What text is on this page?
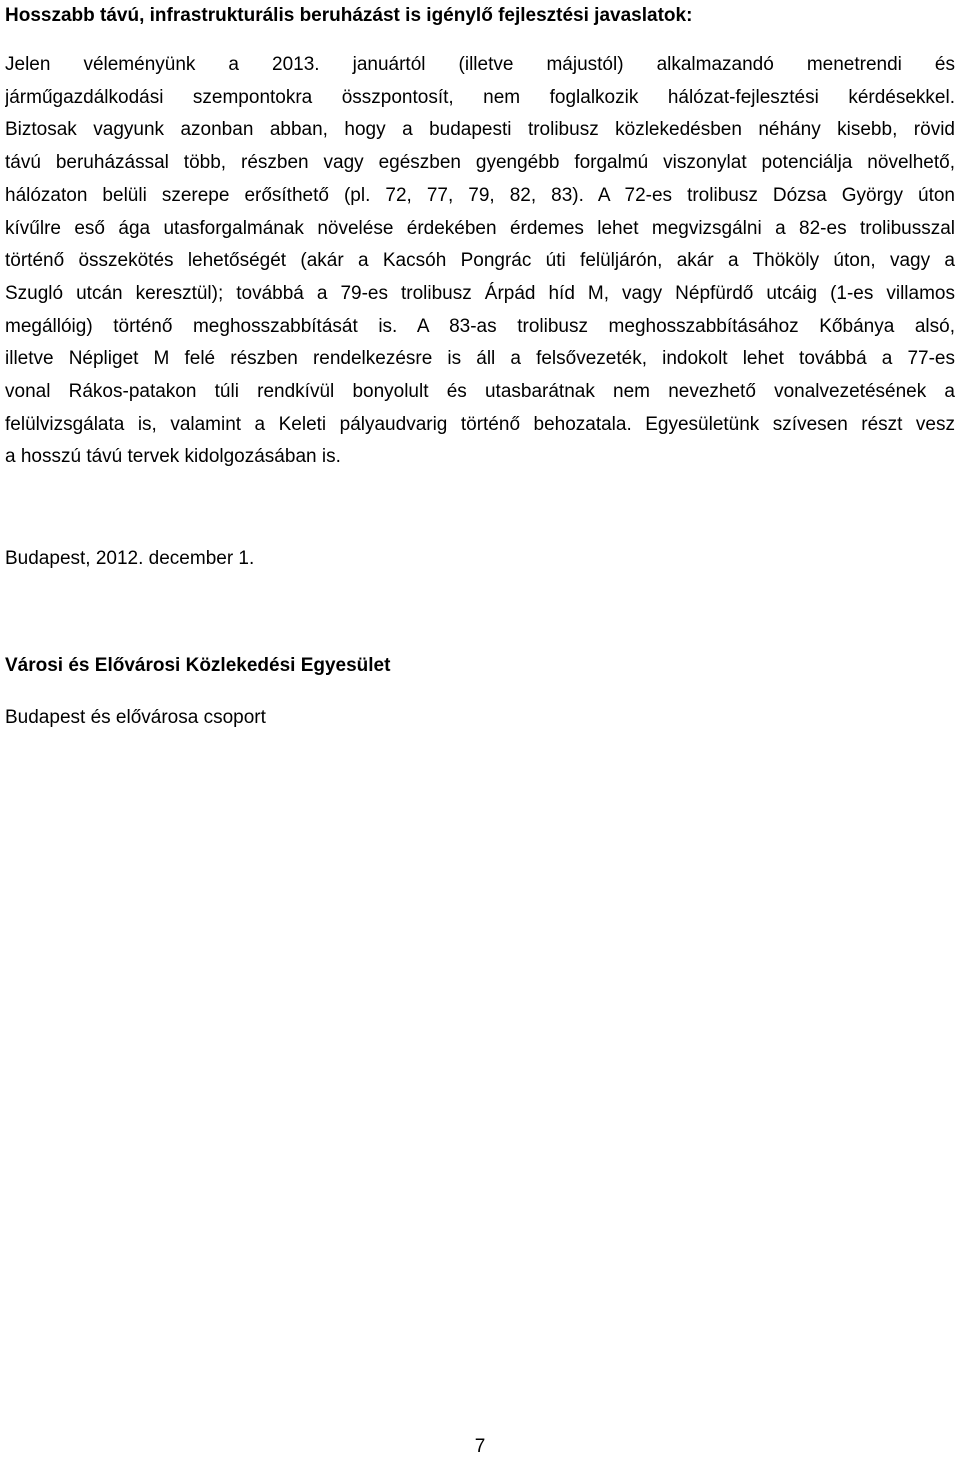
Hosszabb távú, infrastrukturális beruházást is igénylő fejlesztési javaslatok:
Jelen véleményünk a 2013. januártól (illetve májustól) alkalmazandó menetrendi és
járműgazdálkodási szempontokra összpontosít, nem foglalkozik hálózat-fejlesztési kérdésekkel.
Biztosak vagyunk azonban abban, hogy a budapesti trolibusz közlekedésben néhány kisebb, rövid
távú beruházással több, részben vagy egészben gyengébb forgalmú viszonylat potenciálja növelhető,
hálózaton belüli szerepe erősíthető (pl. 72, 77, 79, 82, 83). A 72-es trolibusz Dózsa György úton
kívűlre eső ága utasforgalmának növelése érdekében érdemes lehet megvizsgálni a 82-es trolibusszal
történő összekötés lehetőségét (akár a Kacsóh Pongrác úti felüljárón, akár a Thököly úton, vagy a
Szugló utcán keresztül); továbbá a 79-es trolibusz Árpád híd M, vagy Népfürdő utcáig (1-es villamos
megállóig) történő meghosszabbítását is. A 83-as trolibusz meghosszabbításához Kőbánya alsó,
illetve Népliget M felé részben rendelkezésre is áll a felsővezeték, indokolt lehet továbbá a 77-es
vonal Rákos-patakon túli rendkívül bonyolult és utasbarátnak nem nevezhető vonalvezetésének a
felülvizsgálata is, valamint a Keleti pályaudvarig történő behozatala. Egyesületünk szívesen részt vesz
a hosszú távú tervek kidolgozásában is.
Budapest, 2012. december 1.
Városi és Elővárosi Közlekedési Egyesület
Budapest és elővárosa csoport
7
